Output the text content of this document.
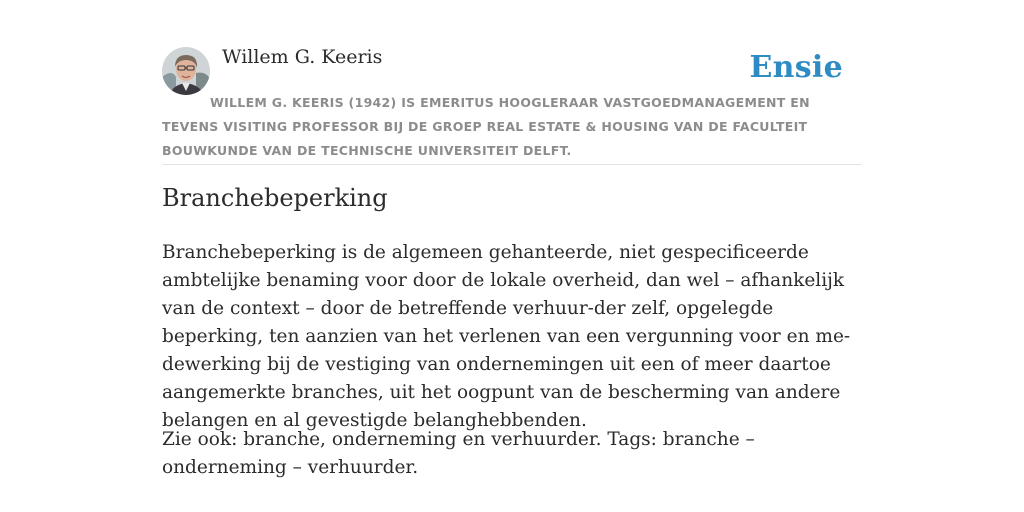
Willem G. Keeris	Ensie
WILLEM G. KEERIS (1942) IS EMERITUS HOOGLERAAR VASTGOEDMANAGEMENT EN TEVENS VISITING PROFESSOR BIJ DE GROEP REAL ESTATE & HOUSING VAN DE FACULTEIT BOUWKUNDE VAN DE TECHNISCHE UNIVERSITEIT DELFT.
Branchebeperking

Branchebeperking is de algemeen gehanteerde, niet gespecificeerde ambtelijke benaming voor door de lokale overheid, dan wel – afhankelijk van de context – door de betreffende verhuur-der zelf, opgelegde beperking, ten aanzien van het verlenen van een vergunning voor en me-dewerking bij de vestiging van ondernemingen uit een of meer daartoe aangemerkte branches, uit het oogpunt van de bescherming van andere belangen en al gevestigde belanghebbenden.

Zie ook: branche, onderneming en verhuurder. Tags: branche – onderneming – verhuurder.
